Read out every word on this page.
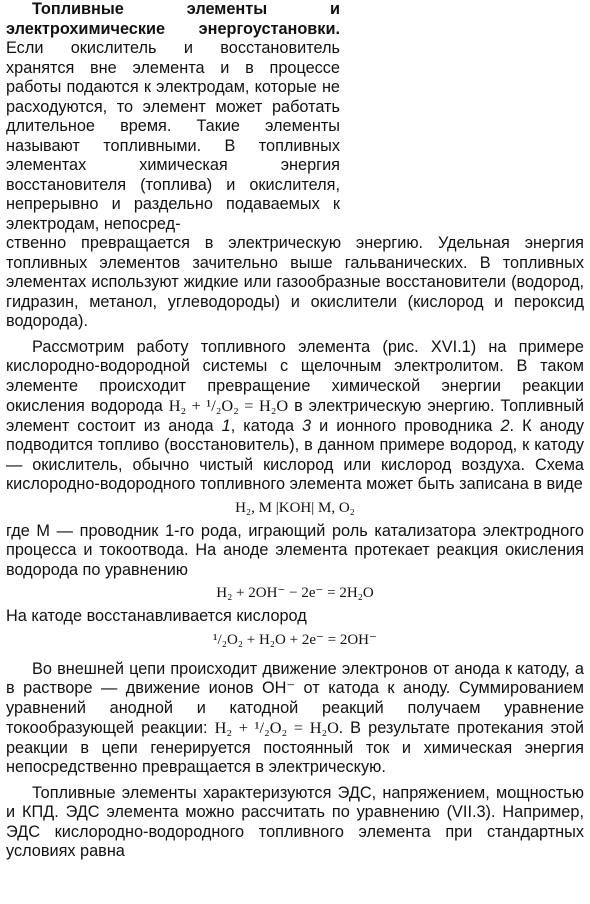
Топливные элементы и электрохимические энергоустановки. Если окислитель и восстановитель хранятся вне элемента и в процессе работы подаются к электродам, которые не расходуются, то элемент может работать длительное время. Такие элементы называют топливными. В топливных элементах химическая энергия восстановителя (топлива) и окислителя, непрерывно и раздельно подаваемых к электродам, непосред-

ственно превращается в электрическую энергию. Удельная энергия топливных элементов зачительно выше гальванических. В топливных элементах используют жидкие или газообразные восстановители (водород, гидразин, метанол, углеводороды) и окислители (кислород и пероксид водорода).

Рассмотрим работу топливного элемента (рис. XVI.1) на примере кислородно-водородной системы с щелочным электролитом. В таком элементе происходит превращение химической энергии реакции окисления водорода H₂ + ¹/₂O₂ = H₂O в электрическую энергию. Топливный элемент состоит из анода 1, катода 3 и ионного проводника 2. К аноду подводится топливо (восстановитель), в данном примере водород, к катоду — окислитель, обычно чистый кислород или кислород воздуха. Схема кислородно-водородного топливного элемента может быть записана в виде

H₂, M |KOH| M, O₂

где M — проводник 1-го рода, играющий роль катализатора электродного процесса и токоотвода. На аноде элемента протекает реакция окисления водорода по уравнению

H₂ + 2OH⁻ − 2e⁻ = 2H₂O

На катоде восстанавливается кислород

¹/₂O₂ + H₂O + 2e⁻ = 2OH⁻

Во внешней цепи происходит движение электронов от анода к катоду, а в растворе — движение ионов OH⁻ от катода к аноду. Суммированием уравнений анодной и катодной реакций получаем уравнение токообразующей реакции: H₂ + ¹/₂O₂ = H₂O. В результате протекания этой реакции в цепи генерируется постоянный ток и химическая энергия непосредственно превращается в электрическую.

Топливные элементы характеризуются ЭДС, напряжением, мощностью и КПД. ЭДС элемента можно рассчитать по уравнению (VII.3). Например, ЭДС кислородно-водородного топливного элемента при стандартных условиях равна
